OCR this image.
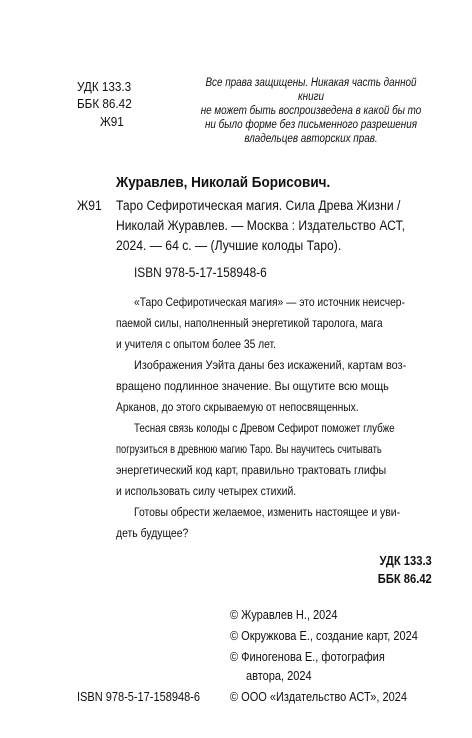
УДК 133.3
ББК 86.42
Ж91
Все права защищены. Никакая часть данной книги
не может быть воспроизведена в какой бы то
ни было форме без письменного разрешения
владельцев авторских прав.
Журавлев, Николай Борисович.
Ж91 Таро Сефиротическая магия. Сила Древа Жизни /
Николай Журавлев. — Москва : Издательство АСТ,
2024. — 64 с. — (Лучшие колоды Таро).
ISBN 978-5-17-158948-6
«Таро Сефиротическая магия» — это источник неисчер-
паемой силы, наполненный энергетикой таролога, мага
и учителя с опытом более 35 лет.
Изображения Уэйта даны без искажений, картам воз-
вращено подлинное значение. Вы ощутите всю мощь
Арканов, до этого скрываемую от непосвященных.
Тесная связь колоды с Древом Сефирот поможет глубже
погрузиться в древнюю магию Таро. Вы научитесь считывать
энергетический код карт, правильно трактовать глифы
и использовать силу четырех стихий.
Готовы обрести желаемое, изменить настоящее и уви-
деть будущее?
УДК 133.3
ББК 86.42
© Журавлев Н., 2024
© Окружкова Е., создание карт, 2024
© Финогенова Е., фотография
автора, 2024
© ООО «Издательство АСТ», 2024
ISBN 978-5-17-158948-6
